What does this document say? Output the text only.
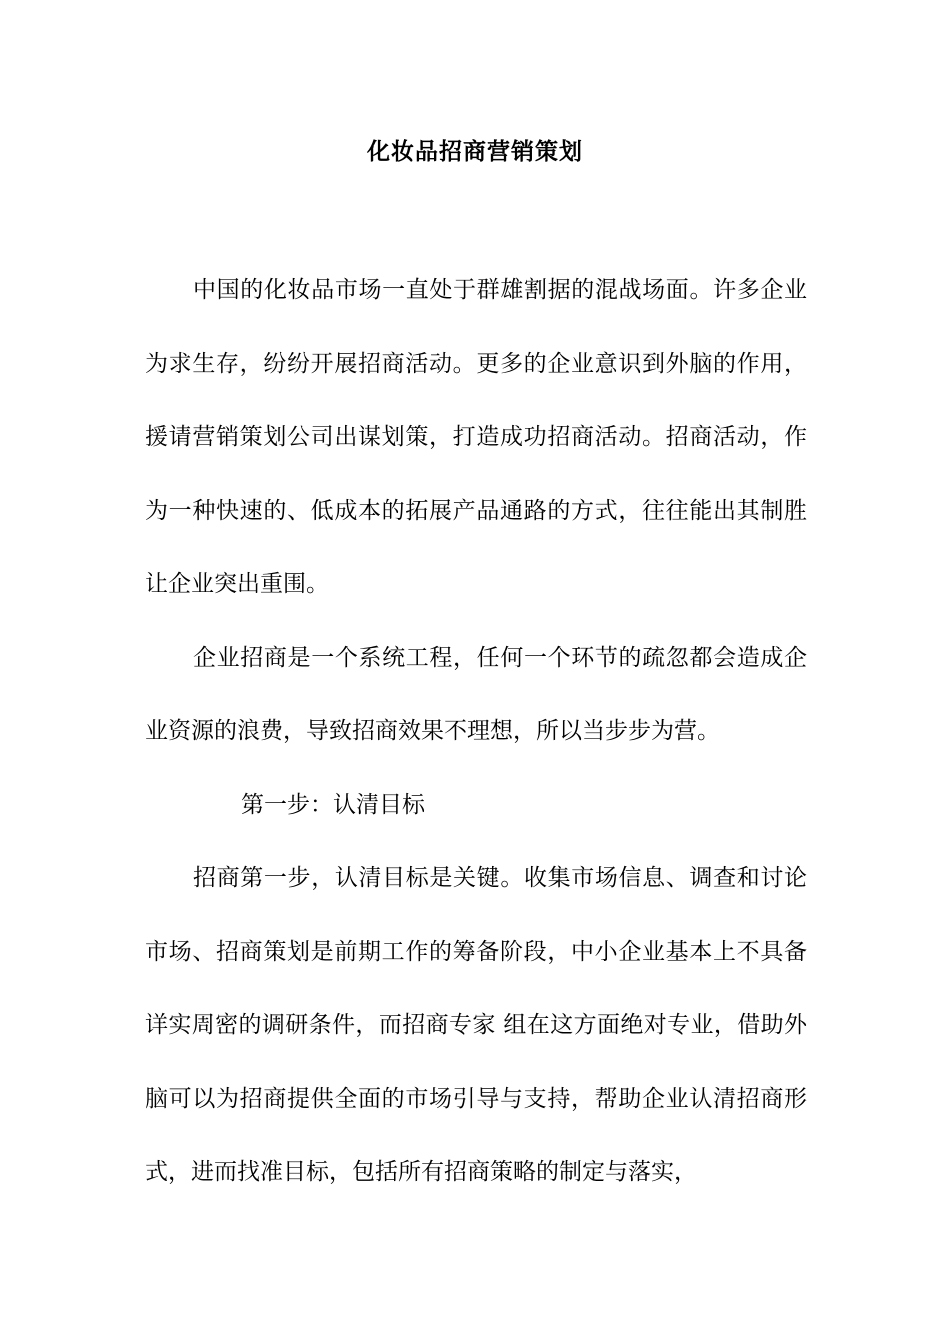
化妆品招商营销策划

中国的化妆品市场一直处于群雄割据的混战场面。许多企业为求生存，纷纷开展招商活动。更多的企业意识到外脑的作用，援请营销策划公司出谋划策，打造成功招商活动。招商活动，作为一种快速的、低成本的拓展产品通路的方式，往往能出其制胜让企业突出重围。

企业招商是一个系统工程，任何一个环节的疏忽都会造成企业资源的浪费，导致招商效果不理想，所以当步步为营。

第一步：认清目标

招商第一步，认清目标是关键。收集市场信息、调查和讨论市场、招商策划是前期工作的筹备阶段，中小企业基本上不具备详实周密的调研条件，而招商专家 组在这方面绝对专业，借助外脑可以为招商提供全面的市场引导与支持，帮助企业认清招商形式，进而找准目标，包括所有招商策略的制定与落实，
